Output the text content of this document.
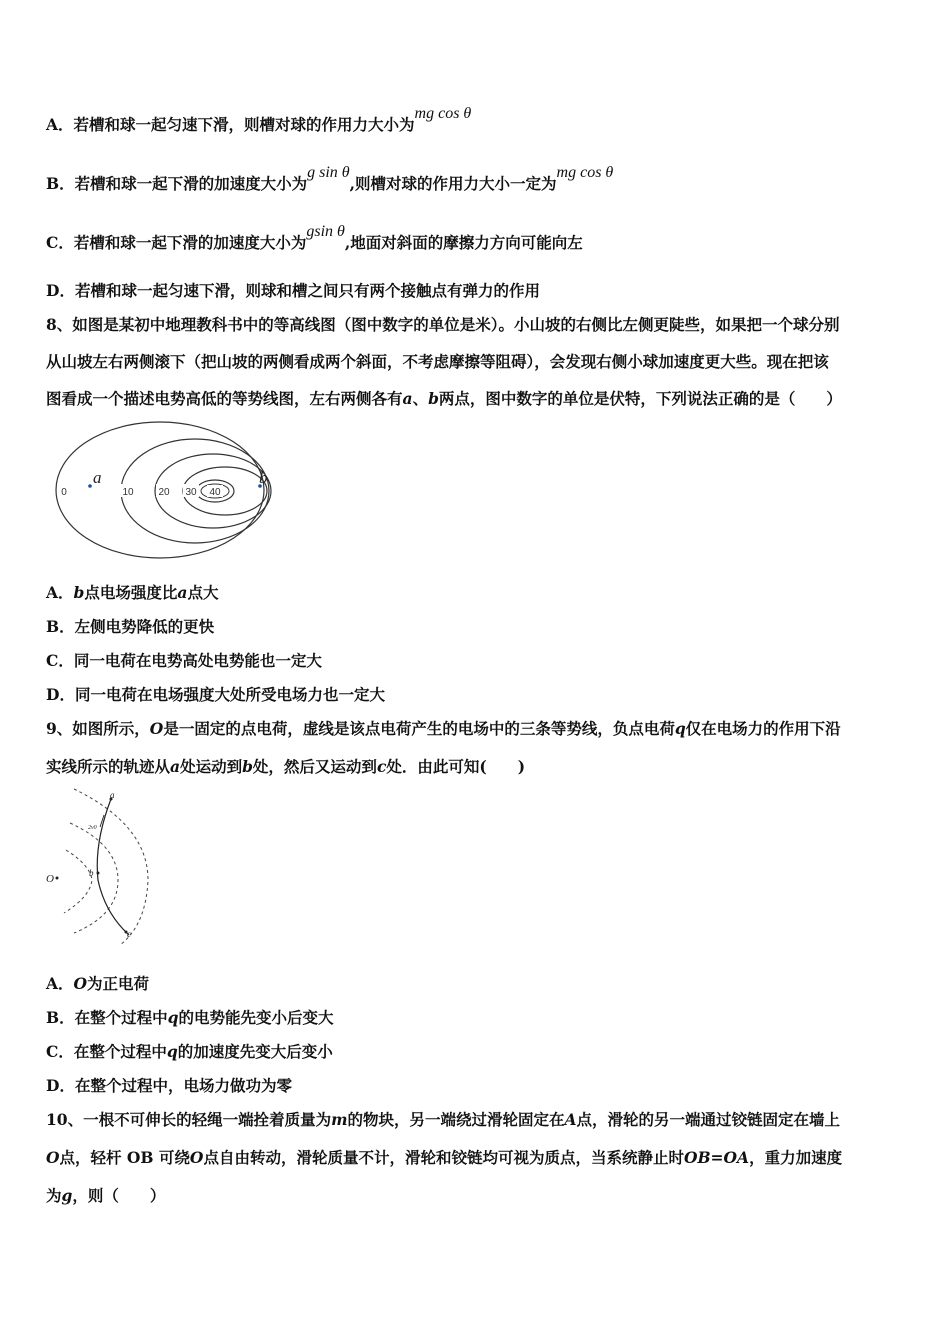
A．若槽和球一起匀速下滑，则槽对球的作用力大小为mg cos θ
B．若槽和球一起下滑的加速度大小为g sin θ,则槽对球的作用力大小一定为mg cos θ
C．若槽和球一起下滑的加速度大小为gsin θ,地面对斜面的摩擦力方向可能向左
D．若槽和球一起匀速下滑，则球和槽之间只有两个接触点有弹力的作用
8、如图是某初中地理教科书中的等高线图（图中数字的单位是米）。小山坡的右侧比左侧更陡些，如果把一个球分别
从山坡左右两侧滚下（把山坡的两侧看成两个斜面，不考虑摩擦等阻碍），会发现右侧小球加速度更大些。现在把该
图看成一个描述电势高低的等势线图，左右两侧各有a、b两点，图中数字的单位是伏特，下列说法正确的是（　　）
0	10 20 30 40
a	b
A．b点电场强度比a点大
B．左侧电势降低的更快
C．同一电荷在电势高处电势能也一定大
D．同一电荷在电场强度大处所受电场力也一定大
9、如图所示，O是一固定的点电荷，虚线是该点电荷产生的电场中的三条等势线，负点电荷q仅在电场力的作用下沿
实线所示的轨迹从a处运动到b处，然后又运动到c处．由此可知(　　)
O
a
2v0
b
c
A．O为正电荷
B．在整个过程中q的电势能先变小后变大
C．在整个过程中q的加速度先变大后变小
D．在整个过程中，电场力做功为零
10、一根不可伸长的轻绳一端拴着质量为m的物块，另一端绕过滑轮固定在A点，滑轮的另一端通过铰链固定在墙上
O点，轻杆 OB 可绕O点自由转动，滑轮质量不计，滑轮和铰链均可视为质点，当系统静止时OB=OA，重力加速度
为g，则（　　）
